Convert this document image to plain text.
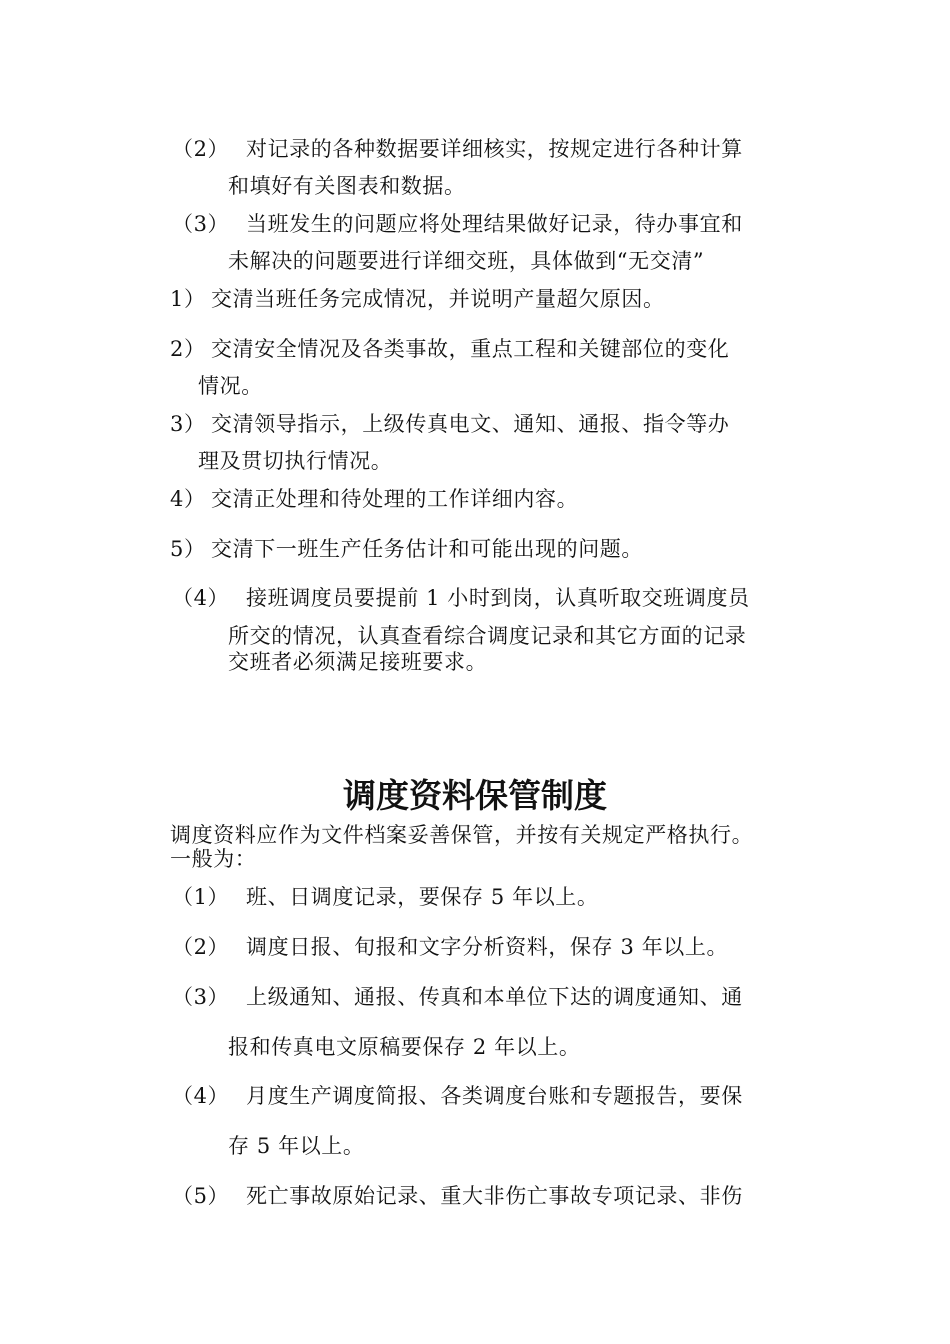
（2） 对记录的各种数据要详细核实，按规定进行各种计算
和填好有关图表和数据。
（3） 当班发生的问题应将处理结果做好记录，待办事宜和
未解决的问题要进行详细交班，具体做到“无交清”
1） 交清当班任务完成情况，并说明产量超欠原因。
2） 交清安全情况及各类事故，重点工程和关键部位的变化
情况。
3） 交清领导指示，上级传真电文、通知、通报、指令等办
理及贯切执行情况。
4） 交清正处理和待处理的工作详细内容。
5） 交清下一班生产任务估计和可能出现的问题。
（4） 接班调度员要提前 1 小时到岗，认真听取交班调度员
所交的情况，认真查看综合调度记录和其它方面的记录
交班者必须满足接班要求。
调度资料保管制度
调度资料应作为文件档案妥善保管，并按有关规定严格执行。
一般为：
（1） 班、日调度记录，要保存 5 年以上。
（2） 调度日报、旬报和文字分析资料，保存 3 年以上。
（3） 上级通知、通报、传真和本单位下达的调度通知、通
报和传真电文原稿要保存 2 年以上。
（4） 月度生产调度简报、各类调度台账和专题报告，要保
存 5 年以上。
（5） 死亡事故原始记录、重大非伤亡事故专项记录、非伤
